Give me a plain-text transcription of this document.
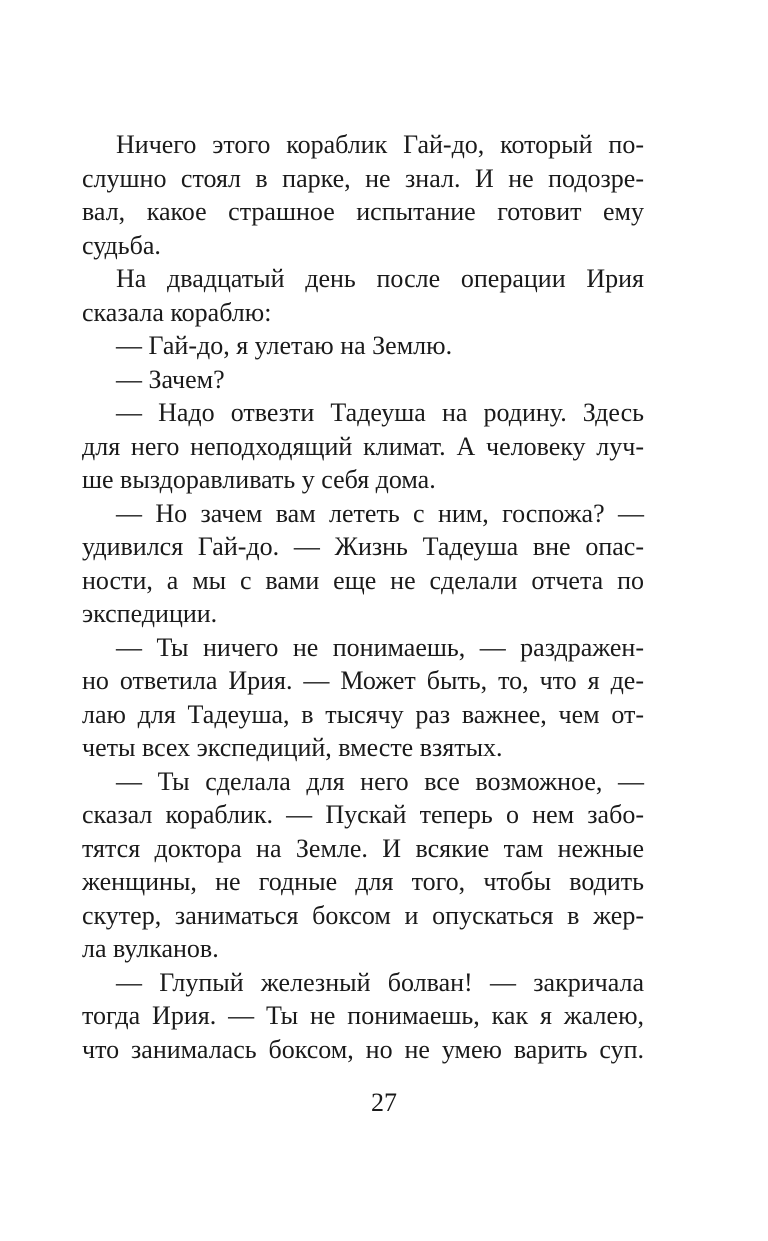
Ничего этого кораблик Гай-до, который по-
слушно стоял в парке, не знал. И не подозре-
вал, какое страшное испытание готовит ему
судьба.
На двадцатый день после операции Ирия
сказала кораблю:
— Гай-до, я улетаю на Землю.
— Зачем?
— Надо отвезти Тадеуша на родину. Здесь
для него неподходящий климат. А человеку луч-
ше выздоравливать у себя дома.
— Но зачем вам лететь с ним, госпожа? —
удивился Гай-до. — Жизнь Тадеуша вне опас-
ности, а мы с вами еще не сделали отчета по
экспедиции.
— Ты ничего не понимаешь, — раздражен-
но ответила Ирия. — Может быть, то, что я де-
лаю для Тадеуша, в тысячу раз важнее, чем от-
четы всех экспедиций, вместе взятых.
— Ты сделала для него все возможное, —
сказал кораблик. — Пускай теперь о нем забо-
тятся доктора на Земле. И всякие там нежные
женщины, не годные для того, чтобы водить
скутер, заниматься боксом и опускаться в жер-
ла вулканов.
— Глупый железный болван! — закричала
тогда Ирия. — Ты не понимаешь, как я жалею,
что занималась боксом, но не умею варить суп.
27
